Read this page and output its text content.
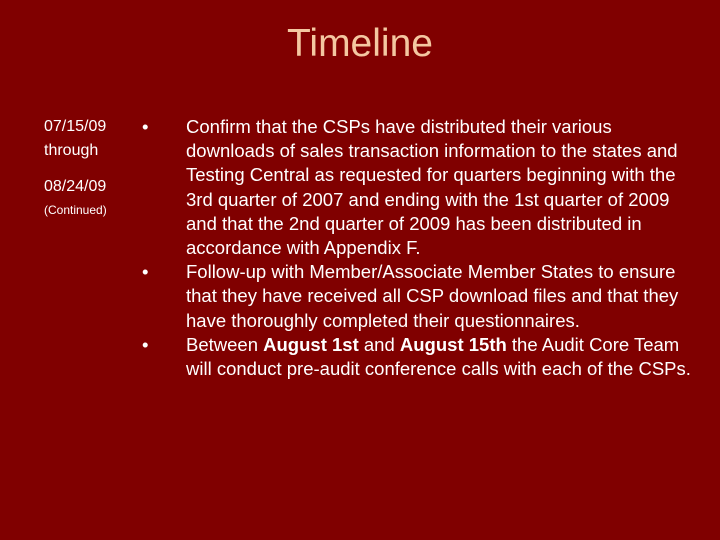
Timeline
07/15/09
through
08/24/09
(Continued)
•	Confirm that the CSPs have distributed their various downloads of sales transaction information to the states and Testing Central as requested for quarters beginning with the 3rd quarter of 2007 and ending with the 1st quarter of 2009 and that the 2nd quarter of 2009 has been distributed in accordance with Appendix F.
•	Follow-up with Member/Associate Member States to ensure that they have received all CSP download files and that they have thoroughly completed their questionnaires.
•	Between August 1st and August 15th the Audit Core Team will conduct pre-audit conference calls with each of the CSPs.
